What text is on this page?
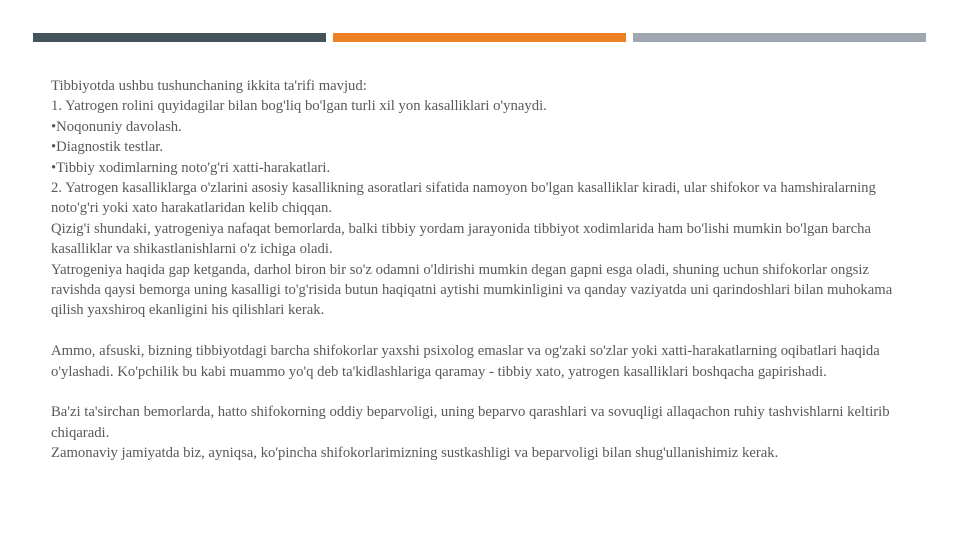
Tibbiyotda ushbu tushunchaning ikkita ta'rifi mavjud:

1. Yatrogen rolini quyidagilar bilan bog'liq bo'lgan turli xil yon kasalliklari o'ynaydi.

•Noqonuniy davolash.

•Diagnostik testlar.

•Tibbiy xodimlarning noto'g'ri xatti-harakatlari.

2. Yatrogen kasalliklarga o'zlarini asosiy kasallikning asoratlari sifatida namoyon bo'lgan kasalliklar kiradi, ular shifokor va hamshiralarning noto'g'ri yoki xato harakatlaridan kelib chiqqan.

Qizig'i shundaki, yatrogeniya nafaqat bemorlarda, balki tibbiy yordam jarayonida tibbiyot xodimlarida ham bo'lishi mumkin bo'lgan barcha kasalliklar va shikastlanishlarni o'z ichiga oladi.

Yatrogeniya haqida gap ketganda, darhol biron bir so'z odamni o'ldirishi mumkin degan gapni esga oladi, shuning uchun shifokorlar ongsiz ravishda qaysi bemorga uning kasalligi to'g'risida butun haqiqatni aytishi mumkinligini va qanday vaziyatda uni qarindoshlari bilan muhokama qilish yaxshiroq ekanligini his qilishlari kerak.

Ammo, afsuski, bizning tibbiyotdagi barcha shifokorlar yaxshi psixolog emaslar va og'zaki so'zlar yoki xatti-harakatlarning oqibatlari haqida o'ylashadi. Ko'pchilik bu kabi muammo yo'q deb ta'kidlashlariga qaramay - tibbiy xato, yatrogen kasalliklari boshqacha gapirishadi.

Ba'zi ta'sirchan bemorlarda, hatto shifokorning oddiy beparvoligi, uning beparvo qarashlari va sovuqligi allaqachon ruhiy tashvishlarni keltirib chiqaradi.

Zamonaviy jamiyatda biz, ayniqsa, ko'pincha shifokorlarimizning sustkashligi va beparvoligi bilan shug'ullanishimiz kerak.
